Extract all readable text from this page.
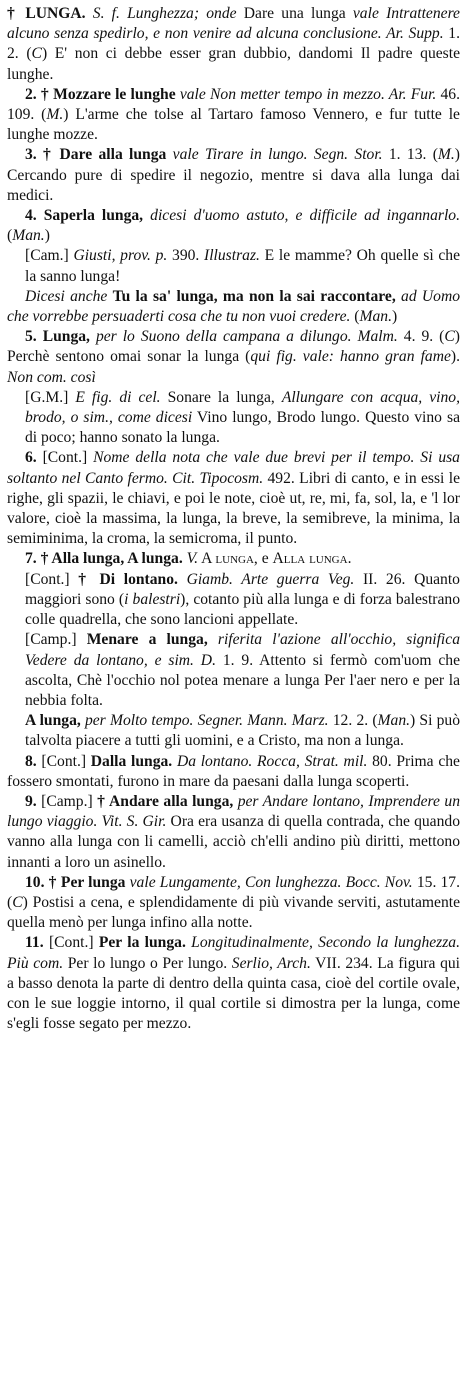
† LUNGA. S. f. Lunghezza; onde Dare una lunga vale Intrattenere alcuno senza spedirlo, e non venire ad alcuna conclusione. Ar. Supp. 1. 2. (C) E' non ci debbe esser gran dubbio, dandomi Il padre queste lunghe.

2. † Mozzare le lunghe vale Non metter tempo in mezzo. Ar. Fur. 46. 109. (M.) L'arme che tolse al Tartaro famoso Vennero, e fur tutte le lunghe mozze.

3. † Dare alla lunga vale Tirare in lungo. Segn. Stor. 1. 13. (M.) Cercando pure di spedire il negozio, mentre si dava alla lunga dai medici.

4. Saperla lunga, dicesi d'uomo astuto, e difficile ad ingannarlo. (Man.)

[Cam.] Giusti, prov. p. 390. Illustraz. E le mamme? Oh quelle sì che la sanno lunga!

Dicesi anche Tu la sa' lunga, ma non la sai raccontare, ad Uomo che vorrebbe persuaderti cosa che tu non vuoi credere. (Man.)

5. Lunga, per lo Suono della campana a dilungo. Malm. 4. 9. (C) Perchè sentono omai sonar la lunga (qui fig. vale: hanno gran fame). Non com. così

[G.M.] E fig. di cel. Sonare la lunga, Allungare con acqua, vino, brodo, o sim., come dicesi Vino lungo, Brodo lungo. Questo vino sa di poco; hanno sonato la lunga.

6. [Cont.] Nome della nota che vale due brevi per il tempo. Si usa soltanto nel Canto fermo. Cit. Tipocosm. 492. Libri di canto, e in essi le righe, gli spazii, le chiavi, e poi le note, cioè ut, re, mi, fa, sol, la, e 'l lor valore, cioè la massima, la lunga, la breve, la semibreve, la minima, la semiminima, la croma, la semicroma, il punto.

7. † Alla lunga, A lunga. V. A lunga, e Alla lunga.

[Cont.] † Di lontano. Giamb. Arte guerra Veg. II. 26. Quanto maggiori sono (i balestri), cotanto più alla lunga e di forza balestrano colle quadrella, che sono lancioni appellate.

[Camp.] Menare a lunga, riferita l'azione all'occhio, significa Vedere da lontano, e sim. D. 1. 9. Attento si fermò com'uom che ascolta, Chè l'occhio nol potea menare a lunga Per l'aer nero e per la nebbia folta.

A lunga, per Molto tempo. Segner. Mann. Marz. 12. 2. (Man.) Si può talvolta piacere a tutti gli uomini, e a Cristo, ma non a lunga.

8. [Cont.] Dalla lunga. Da lontano. Rocca, Strat. mil. 80. Prima che fossero smontati, furono in mare da paesani dalla lunga scoperti.

9. [Camp.] † Andare alla lunga, per Andare lontano, Imprendere un lungo viaggio. Vit. S. Gir. Ora era usanza di quella contrada, che quando vanno alla lunga con li camelli, acciò ch'elli andino più diritti, mettono innanti a loro un asinello.

10. † Per lunga vale Lungamente, Con lunghezza. Bocc. Nov. 15. 17. (C) Postisi a cena, e splendidamente di più vivande serviti, astutamente quella menò per lunga infino alla notte.

11. [Cont.] Per la lunga. Longitudinalmente, Secondo la lunghezza. Più com. Per lo lungo o Per lungo. Serlio, Arch. VII. 234. La figura qui a basso denota la parte di dentro della quinta casa, cioè del cortile ovale, con le sue loggie intorno, il qual cortile si dimostra per la lunga, come s'egli fosse segato per mezzo.
